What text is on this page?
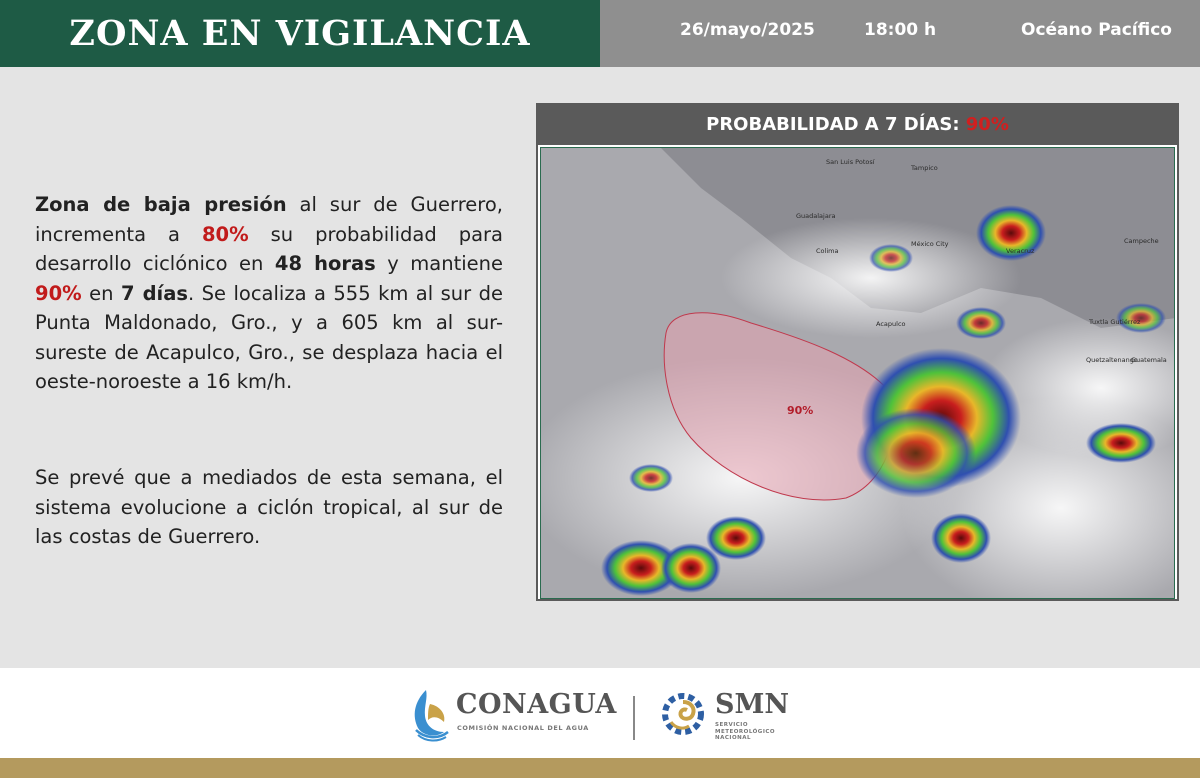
ZONA EN VIGILANCIA	26/mayo/2025	18:00 h	Océano Pacífico
Zona de baja presión al sur de Guerrero, incrementa a 80% su probabilidad para desarrollo ciclónico en 48 horas y mantiene 90% en 7 días. Se localiza a 555 km al sur de Punta Maldonado, Gro., y a 605 km al sur-sureste de Acapulco, Gro., se desplaza hacia el oeste-noroeste a 16 km/h.
Se prevé que a mediados de esta semana, el sistema evolucione a ciclón tropical, al sur de las costas de Guerrero.
PROBABILIDAD A 7 DÍAS: 90%
90%
San Luis Potosí
Tampico
Guadalajara
Colima
México City
Veracruz
Campeche
Acapulco	Tuxtla Gutiérrez
Quetzaltenango
Guatemala
CONAGUA
COMISIÓN NACIONAL DEL AGUA
SMN
SERVICIO
METEOROLÓGICO
NACIONAL
